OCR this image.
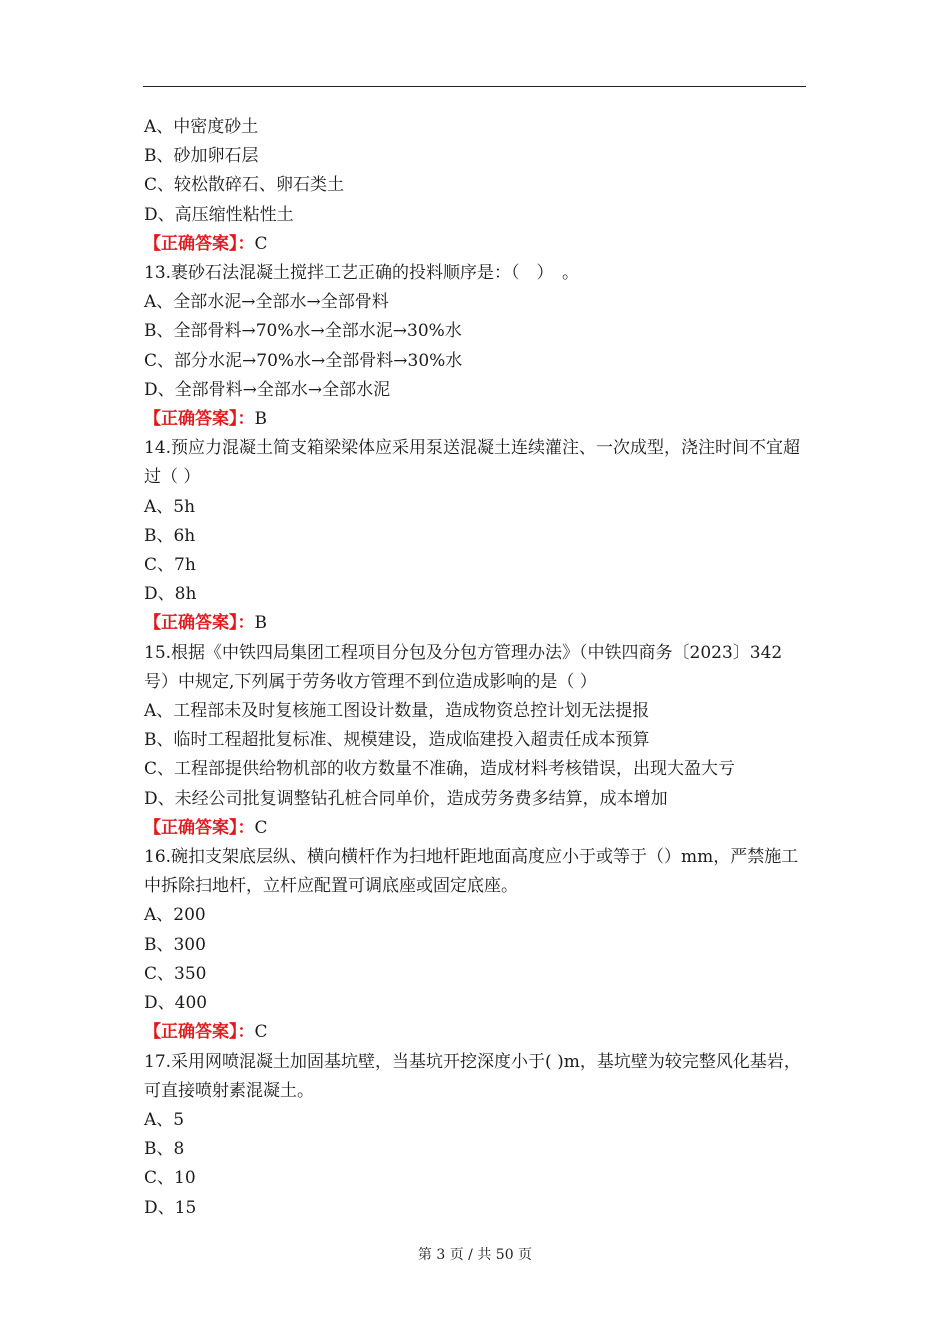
A、中密度砂土
B、砂加卵石层
C、较松散碎石、卵石类土
D、高压缩性粘性土
【正确答案】：C
13.裹砂石法混凝土搅拌工艺正确的投料顺序是：（　）　。
A、全部水泥→全部水→全部骨料
B、全部骨料→70%水→全部水泥→30%水
C、部分水泥→70%水→全部骨料→30%水
D、全部骨料→全部水→全部水泥
【正确答案】：B
14.预应力混凝土简支箱梁梁体应采用泵送混凝土连续灌注、一次成型，浇注时间不宜超过（ ）
A、5h
B、6h
C、7h
D、8h
【正确答案】：B
15.根据《中铁四局集团工程项目分包及分包方管理办法》（中铁四商务〔2023〕342 号）中规定,下列属于劳务收方管理不到位造成影响的是（ ）
A、工程部未及时复核施工图设计数量，造成物资总控计划无法提报
B、临时工程超批复标准、规模建设，造成临建投入超责任成本预算
C、工程部提供给物机部的收方数量不准确，造成材料考核错误，出现大盈大亏
D、未经公司批复调整钻孔桩合同单价，造成劳务费多结算，成本增加
【正确答案】：C
16.碗扣支架底层纵、横向横杆作为扫地杆距地面高度应小于或等于（）mm，严禁施工中拆除扫地杆，立杆应配置可调底座或固定底座。
A、200
B、300
C、350
D、400
【正确答案】：C
17.采用网喷混凝土加固基坑壁，当基坑开挖深度小于( )m，基坑壁为较完整风化基岩，可直接喷射素混凝土。
A、5
B、8
C、10
D、15
第 3 页 / 共 50 页
